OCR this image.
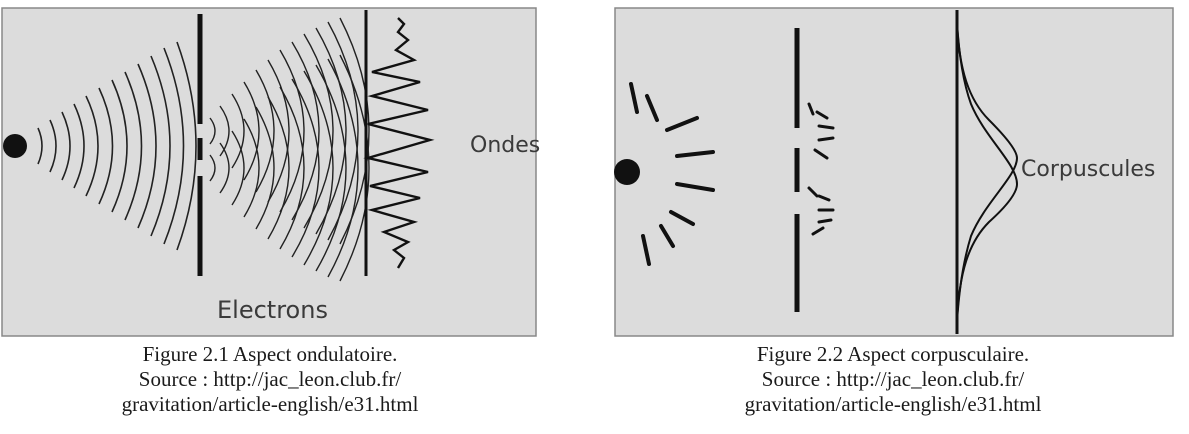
Ondes
Electrons
Figure 2.1 Aspect ondulatoire.
Source : http://jac_leon.club.fr/
gravitation/article-english/e31.html
Corpuscules
Figure 2.2 Aspect corpusculaire.
Source : http://jac_leon.club.fr/
gravitation/article-english/e31.html
